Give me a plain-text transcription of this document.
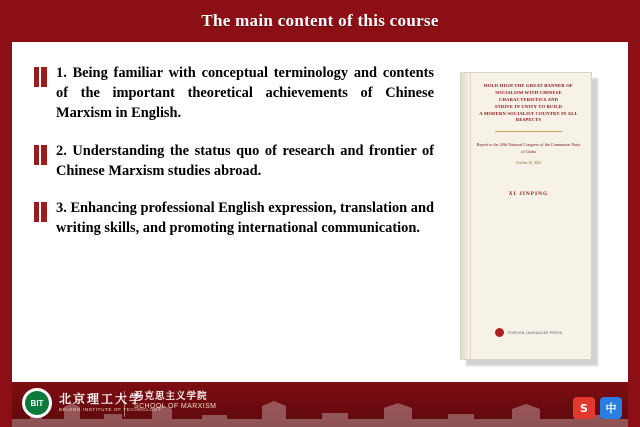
The main content of this course
1. Being familiar with conceptual terminology and contents of the important theoretical achievements of Chinese Marxism in English.
2. Understanding the status quo of research and frontier of Chinese Marxism studies abroad.
3. Enhancing professional English expression, translation and writing skills, and promoting international communication.
HOLD HIGH THE GREAT BANNER OF
SOCIALISM WITH CHINESE CHARACTERISTICS AND
STRIVE IN UNITY TO BUILD
A MODERN SOCIALIST COUNTRY IN ALL RESPECTS
Report to the 20th National Congress of the Communist Party of China
October 16, 2022
XI JINPING
FOREIGN LANGUAGES PRESS
BIT	北京理工大学
BEIJING INSTITUTE OF TECHNOLOGY
马克思主义学院
SCHOOL OF MARXISM	S	中
